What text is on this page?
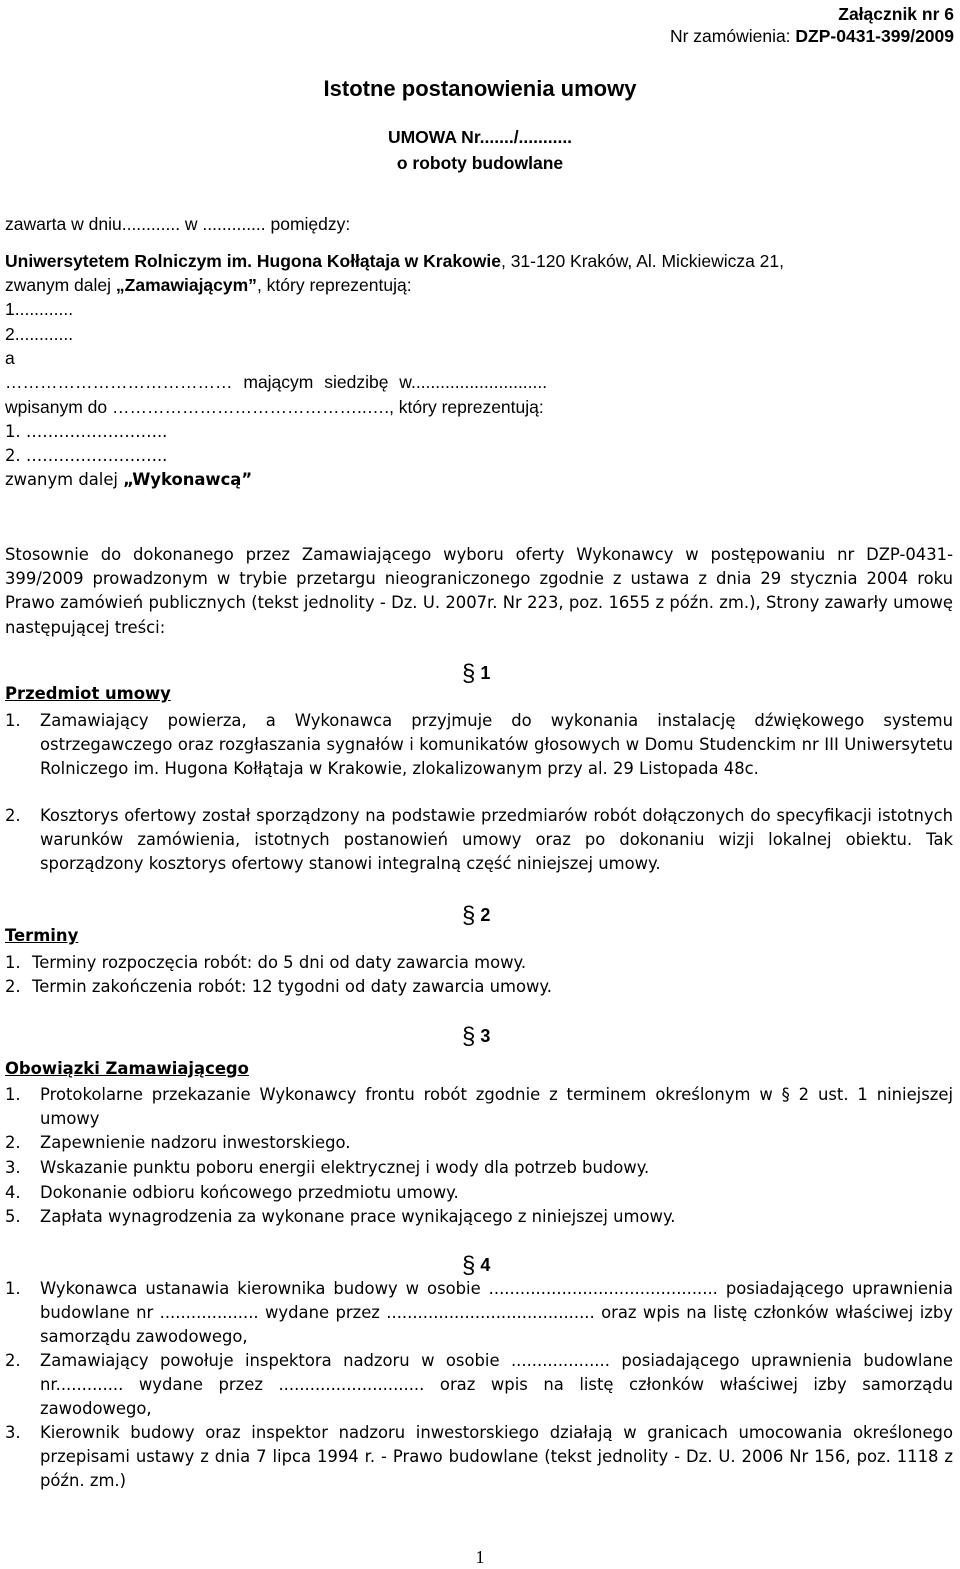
Załącznik nr 6
Nr zamówienia: DZP-0431-399/2009
Istotne postanowienia umowy
UMOWA Nr......./...........
o roboty budowlane
zawarta w dniu............ w ............. pomiędzy:
Uniwersytetem Rolniczym im. Hugona Kołłątaja w Krakowie, 31-120 Kraków, Al. Mickiewicza 21,
zwanym dalej „Zamawiającym”, który reprezentują:
1............
2............
a
………………………………… mającym siedzibę w............................
wpisanym do ……………………………………..…., który reprezentują:
1. ……………………..
2. ……………………..
zwanym dalej „Wykonawcą”
Stosownie do dokonanego przez Zamawiającego wyboru oferty Wykonawcy w postępowaniu nr DZP-0431-399/2009 prowadzonym w trybie przetargu nieograniczonego zgodnie z ustawa z dnia 29 stycznia 2004 roku Prawo zamówień publicznych (tekst jednolity - Dz. U. 2007r. Nr 223, poz. 1655 z późn. zm.), Strony zawarły umowę następującej treści:
§ 1
Przedmiot umowy
1. Zamawiający powierza, a Wykonawca przyjmuje do wykonania instalację dźwiękowego systemu ostrzegawczego oraz rozgłaszania sygnałów i komunikatów głosowych w Domu Studenckim nr III Uniwersytetu Rolniczego im. Hugona Kołłątaja w Krakowie, zlokalizowanym przy al. 29 Listopada 48c.
2. Kosztorys ofertowy został sporządzony na podstawie przedmiarów robót dołączonych do specyfikacji istotnych warunków zamówienia, istotnych postanowień umowy oraz po dokonaniu wizji lokalnej obiektu. Tak sporządzony kosztorys ofertowy stanowi integralną część niniejszej umowy.
§ 2
Terminy
1. Terminy rozpoczęcia robót: do 5 dni od daty zawarcia mowy.
2. Termin zakończenia robót: 12 tygodni od daty zawarcia umowy.
§ 3
Obowiązki Zamawiającego
1. Protokolarne przekazanie Wykonawcy frontu robót zgodnie z terminem określonym w § 2 ust. 1 niniejszej umowy
2. Zapewnienie nadzoru inwestorskiego.
3. Wskazanie punktu poboru energii elektrycznej i wody dla potrzeb budowy.
4. Dokonanie odbioru końcowego przedmiotu umowy.
5. Zapłata wynagrodzenia za wykonane prace wynikającego z niniejszej umowy.
§ 4
1. Wykonawca ustanawia kierownika budowy w osobie ............................................ posiadającego uprawnienia budowlane nr ................... wydane przez ........................................ oraz wpis na listę członków właściwej izby samorządu zawodowego,
2. Zamawiający powołuje inspektora nadzoru w osobie ................... posiadającego uprawnienia budowlane nr............. wydane przez ............................ oraz wpis na listę członków właściwej izby samorządu zawodowego,
3. Kierownik budowy oraz inspektor nadzoru inwestorskiego działają w granicach umocowania określonego przepisami ustawy z dnia 7 lipca 1994 r. - Prawo budowlane (tekst jednolity - Dz. U. 2006 Nr 156, poz. 1118 z późn. zm.)
1
